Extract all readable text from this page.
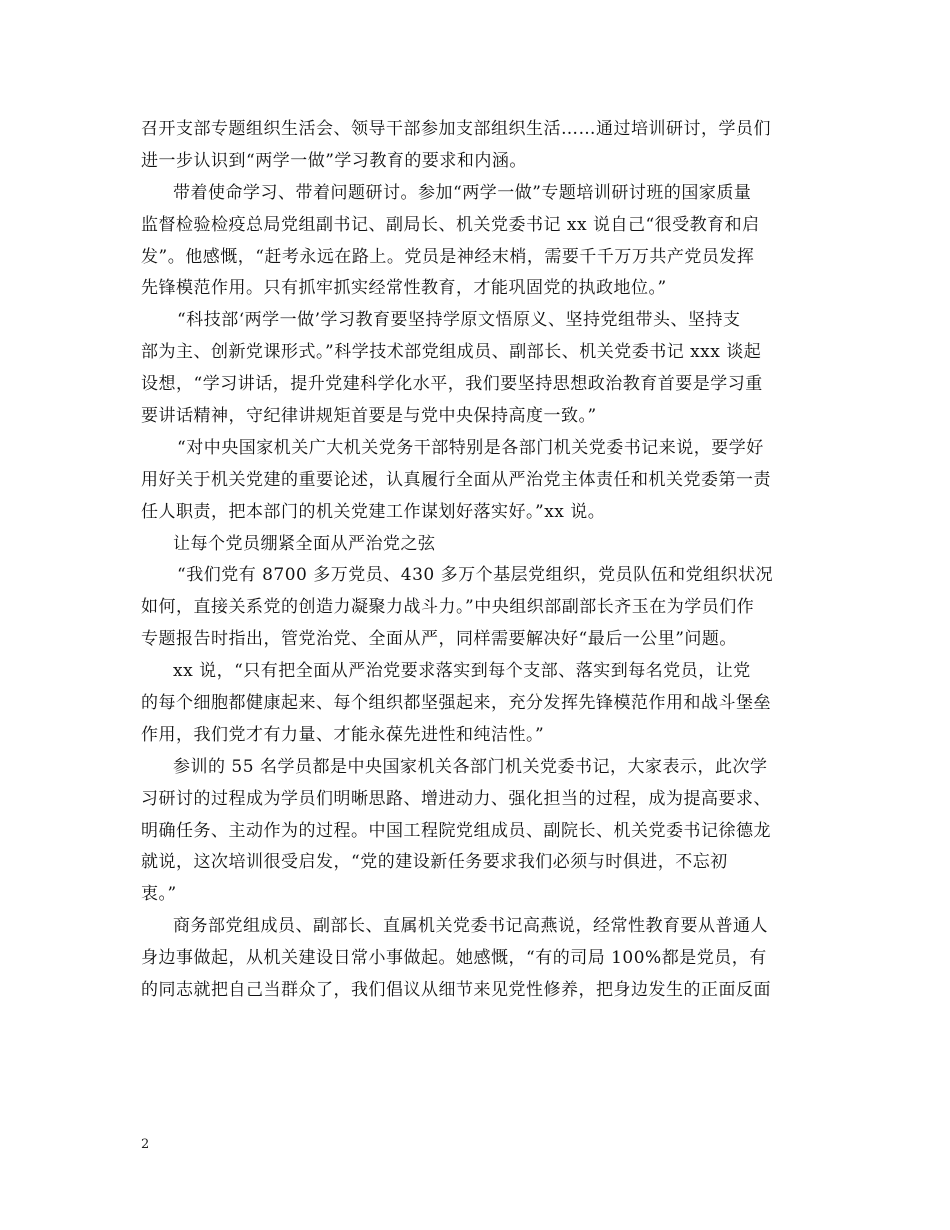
召开支部专题组织生活会、领导干部参加支部组织生活……通过培训研讨，学员们
进一步认识到“两学一做”学习教育的要求和内涵。
带着使命学习、带着问题研讨。参加“两学一做”专题培训研讨班的国家质量
监督检验检疫总局党组副书记、副局长、机关党委书记 xx 说自己“很受教育和启
发”。他感慨，“赶考永远在路上。党员是神经末梢，需要千千万万共产党员发挥
先锋模范作用。只有抓牢抓实经常性教育，才能巩固党的执政地位。”
“科技部‘两学一做’学习教育要坚持学原文悟原义、坚持党组带头、坚持支
部为主、创新党课形式。”科学技术部党组成员、副部长、机关党委书记 xxx 谈起
设想，“学习讲话，提升党建科学化水平，我们要坚持思想政治教育首要是学习重
要讲话精神，守纪律讲规矩首要是与党中央保持高度一致。”
“对中央国家机关广大机关党务干部特别是各部门机关党委书记来说，要学好
用好关于机关党建的重要论述，认真履行全面从严治党主体责任和机关党委第一责
任人职责，把本部门的机关党建工作谋划好落实好。”xx 说。
让每个党员绷紧全面从严治党之弦
“我们党有 8700 多万党员、430 多万个基层党组织，党员队伍和党组织状况
如何，直接关系党的创造力凝聚力战斗力。”中央组织部副部长齐玉在为学员们作
专题报告时指出，管党治党、全面从严，同样需要解决好“最后一公里”问题。
xx 说，“只有把全面从严治党要求落实到每个支部、落实到每名党员，让党
的每个细胞都健康起来、每个组织都坚强起来，充分发挥先锋模范作用和战斗堡垒
作用，我们党才有力量、才能永葆先进性和纯洁性。”
参训的 55 名学员都是中央国家机关各部门机关党委书记，大家表示，此次学
习研讨的过程成为学员们明晰思路、增进动力、强化担当的过程，成为提高要求、
明确任务、主动作为的过程。中国工程院党组成员、副院长、机关党委书记徐德龙
就说，这次培训很受启发，“党的建设新任务要求我们必须与时俱进，不忘初
衷。”
商务部党组成员、副部长、直属机关党委书记高燕说，经常性教育要从普通人
身边事做起，从机关建设日常小事做起。她感慨，“有的司局 100%都是党员，有
的同志就把自己当群众了，我们倡议从细节来见党性修养，把身边发生的正面反面
2
